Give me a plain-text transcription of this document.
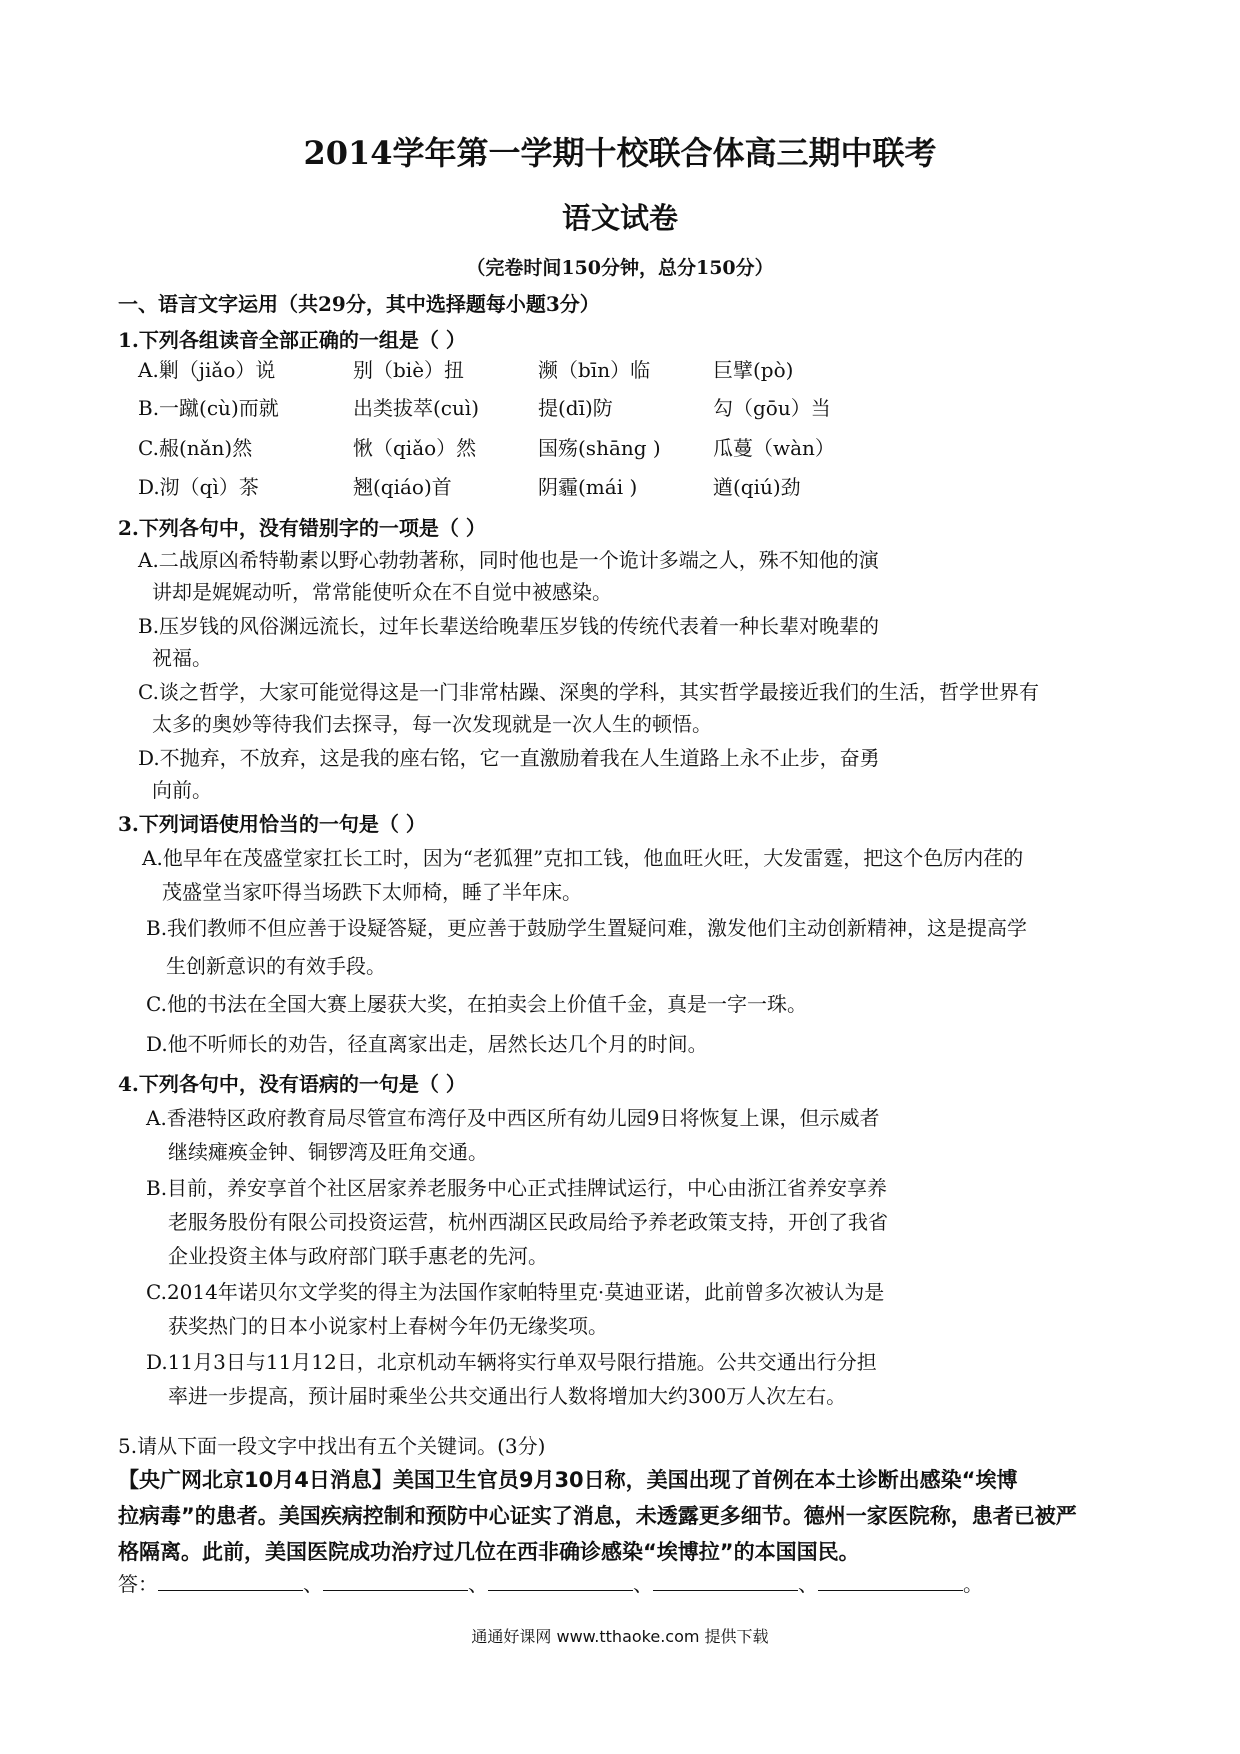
2014学年第一学期十校联合体高三期中联考
语文试卷
（完卷时间150分钟，总分150分）
一、语言文字运用（共29分，其中选择题每小题3分）
1.下列各组读音全部正确的一组是（ ）
A.剿（jiǎo）说	别（biè）扭	濒（bīn）临	巨擘(pò)
B.一蹴(cù)而就	出类拔萃(cuì)	提(dī)防	勾（gōu）当
C.赧(nǎn)然	愀（qiǎo）然	国殇(shāng )	瓜蔓（wàn）
D.沏（qì）茶	翘(qiáo)首	阴霾(mái )	遒(qiú)劲
2.下列各句中，没有错别字的一项是（ ）
A.二战原凶希特勒素以野心勃勃著称，同时他也是一个诡计多端之人，殊不知他的演
讲却是娓娓动听，常常能使听众在不自觉中被感染。
B.压岁钱的风俗渊远流长，过年长辈送给晚辈压岁钱的传统代表着一种长辈对晚辈的
祝福。
C.谈之哲学，大家可能觉得这是一门非常枯躁、深奥的学科，其实哲学最接近我们的生活，哲学世界有
太多的奥妙等待我们去探寻，每一次发现就是一次人生的顿悟。
D.不抛弃，不放弃，这是我的座右铭，它一直激励着我在人生道路上永不止步，奋勇
向前。
3.下列词语使用恰当的一句是（ ）
A.他早年在茂盛堂家扛长工时，因为“老狐狸”克扣工钱，他血旺火旺，大发雷霆，把这个色厉内荏的
茂盛堂当家吓得当场跌下太师椅，睡了半年床。
B.我们教师不但应善于设疑答疑，更应善于鼓励学生置疑问难，激发他们主动创新精神，这是提高学
生创新意识的有效手段。
C.他的书法在全国大赛上屡获大奖，在拍卖会上价值千金，真是一字一珠。
D.他不听师长的劝告，径直离家出走，居然长达几个月的时间。
4.下列各句中，没有语病的一句是（ ）
A.香港特区政府教育局尽管宣布湾仔及中西区所有幼儿园9日将恢复上课，但示威者
继续瘫痪金钟、铜锣湾及旺角交通。
B.目前，养安享首个社区居家养老服务中心正式挂牌试运行，中心由浙江省养安享养
老服务股份有限公司投资运营，杭州西湖区民政局给予养老政策支持，开创了我省
企业投资主体与政府部门联手惠老的先河。
C.2014年诺贝尔文学奖的得主为法国作家帕特里克·莫迪亚诺，此前曾多次被认为是
获奖热门的日本小说家村上春树今年仍无缘奖项。
D.11月3日与11月12日，北京机动车辆将实行单双号限行措施。公共交通出行分担
率进一步提高，预计届时乘坐公共交通出行人数将增加大约300万人次左右。
5.请从下面一段文字中找出有五个关键词。(3分)
【央广网北京10月4日消息】美国卫生官员9月30日称，美国出现了首例在本土诊断出感染“埃博
拉病毒”的患者。美国疾病控制和预防中心证实了消息，未透露更多细节。德州一家医院称，患者已被严
格隔离。此前，美国医院成功治疗过几位在西非确诊感染“埃博拉”的本国国民。
答：	、	、	、	、	。
通通好课网 www.tthaoke.com 提供下载
